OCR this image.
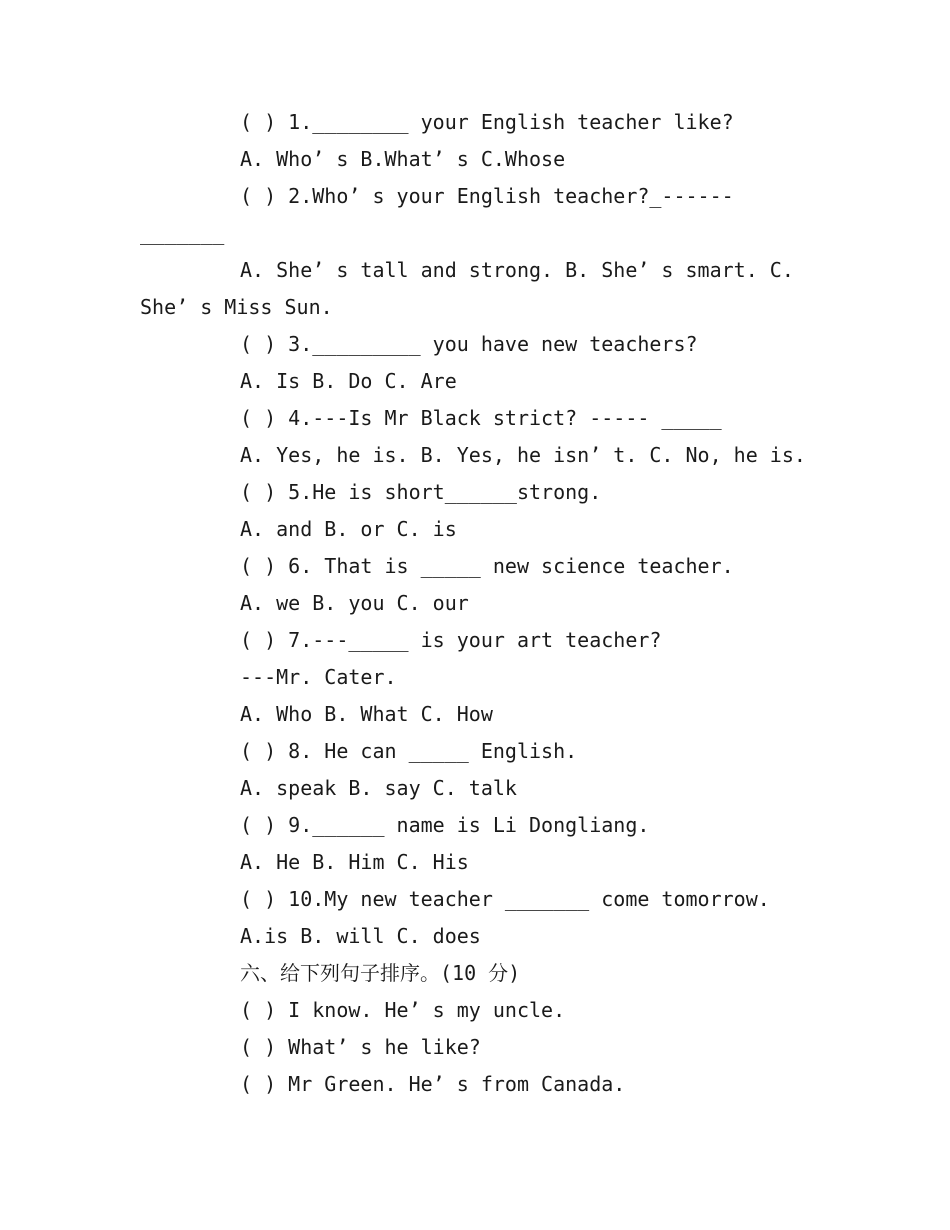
( ) 1.________ your English teacher like?
A. Who’ s B.What’ s C.Whose
( ) 2.Who’ s your English teacher?_------
_______
A. She’ s tall and strong. B. She’ s smart. C.
She’ s Miss Sun.
( ) 3._________ you have new teachers?
A. Is B. Do C. Are
( ) 4.---Is Mr Black strict? ----- _____
A. Yes, he is. B. Yes, he isn’ t. C. No, he is.
( ) 5.He is short______strong.
A. and B. or C. is
( ) 6. That is _____ new science teacher.
A. we B. you C. our
( ) 7.---_____ is your art teacher?
---Mr. Cater.
A. Who B. What C. How
( ) 8. He can _____ English.
A. speak B. say C. talk
( ) 9.______ name is Li Dongliang.
A. He B. Him C. His
( ) 10.My new teacher _______ come tomorrow.
A.is B. will C. does
六、给下列句子排序。(10 分)
( ) I know. He’ s my uncle.
( ) What’ s he like?
( ) Mr Green. He’ s from Canada.
